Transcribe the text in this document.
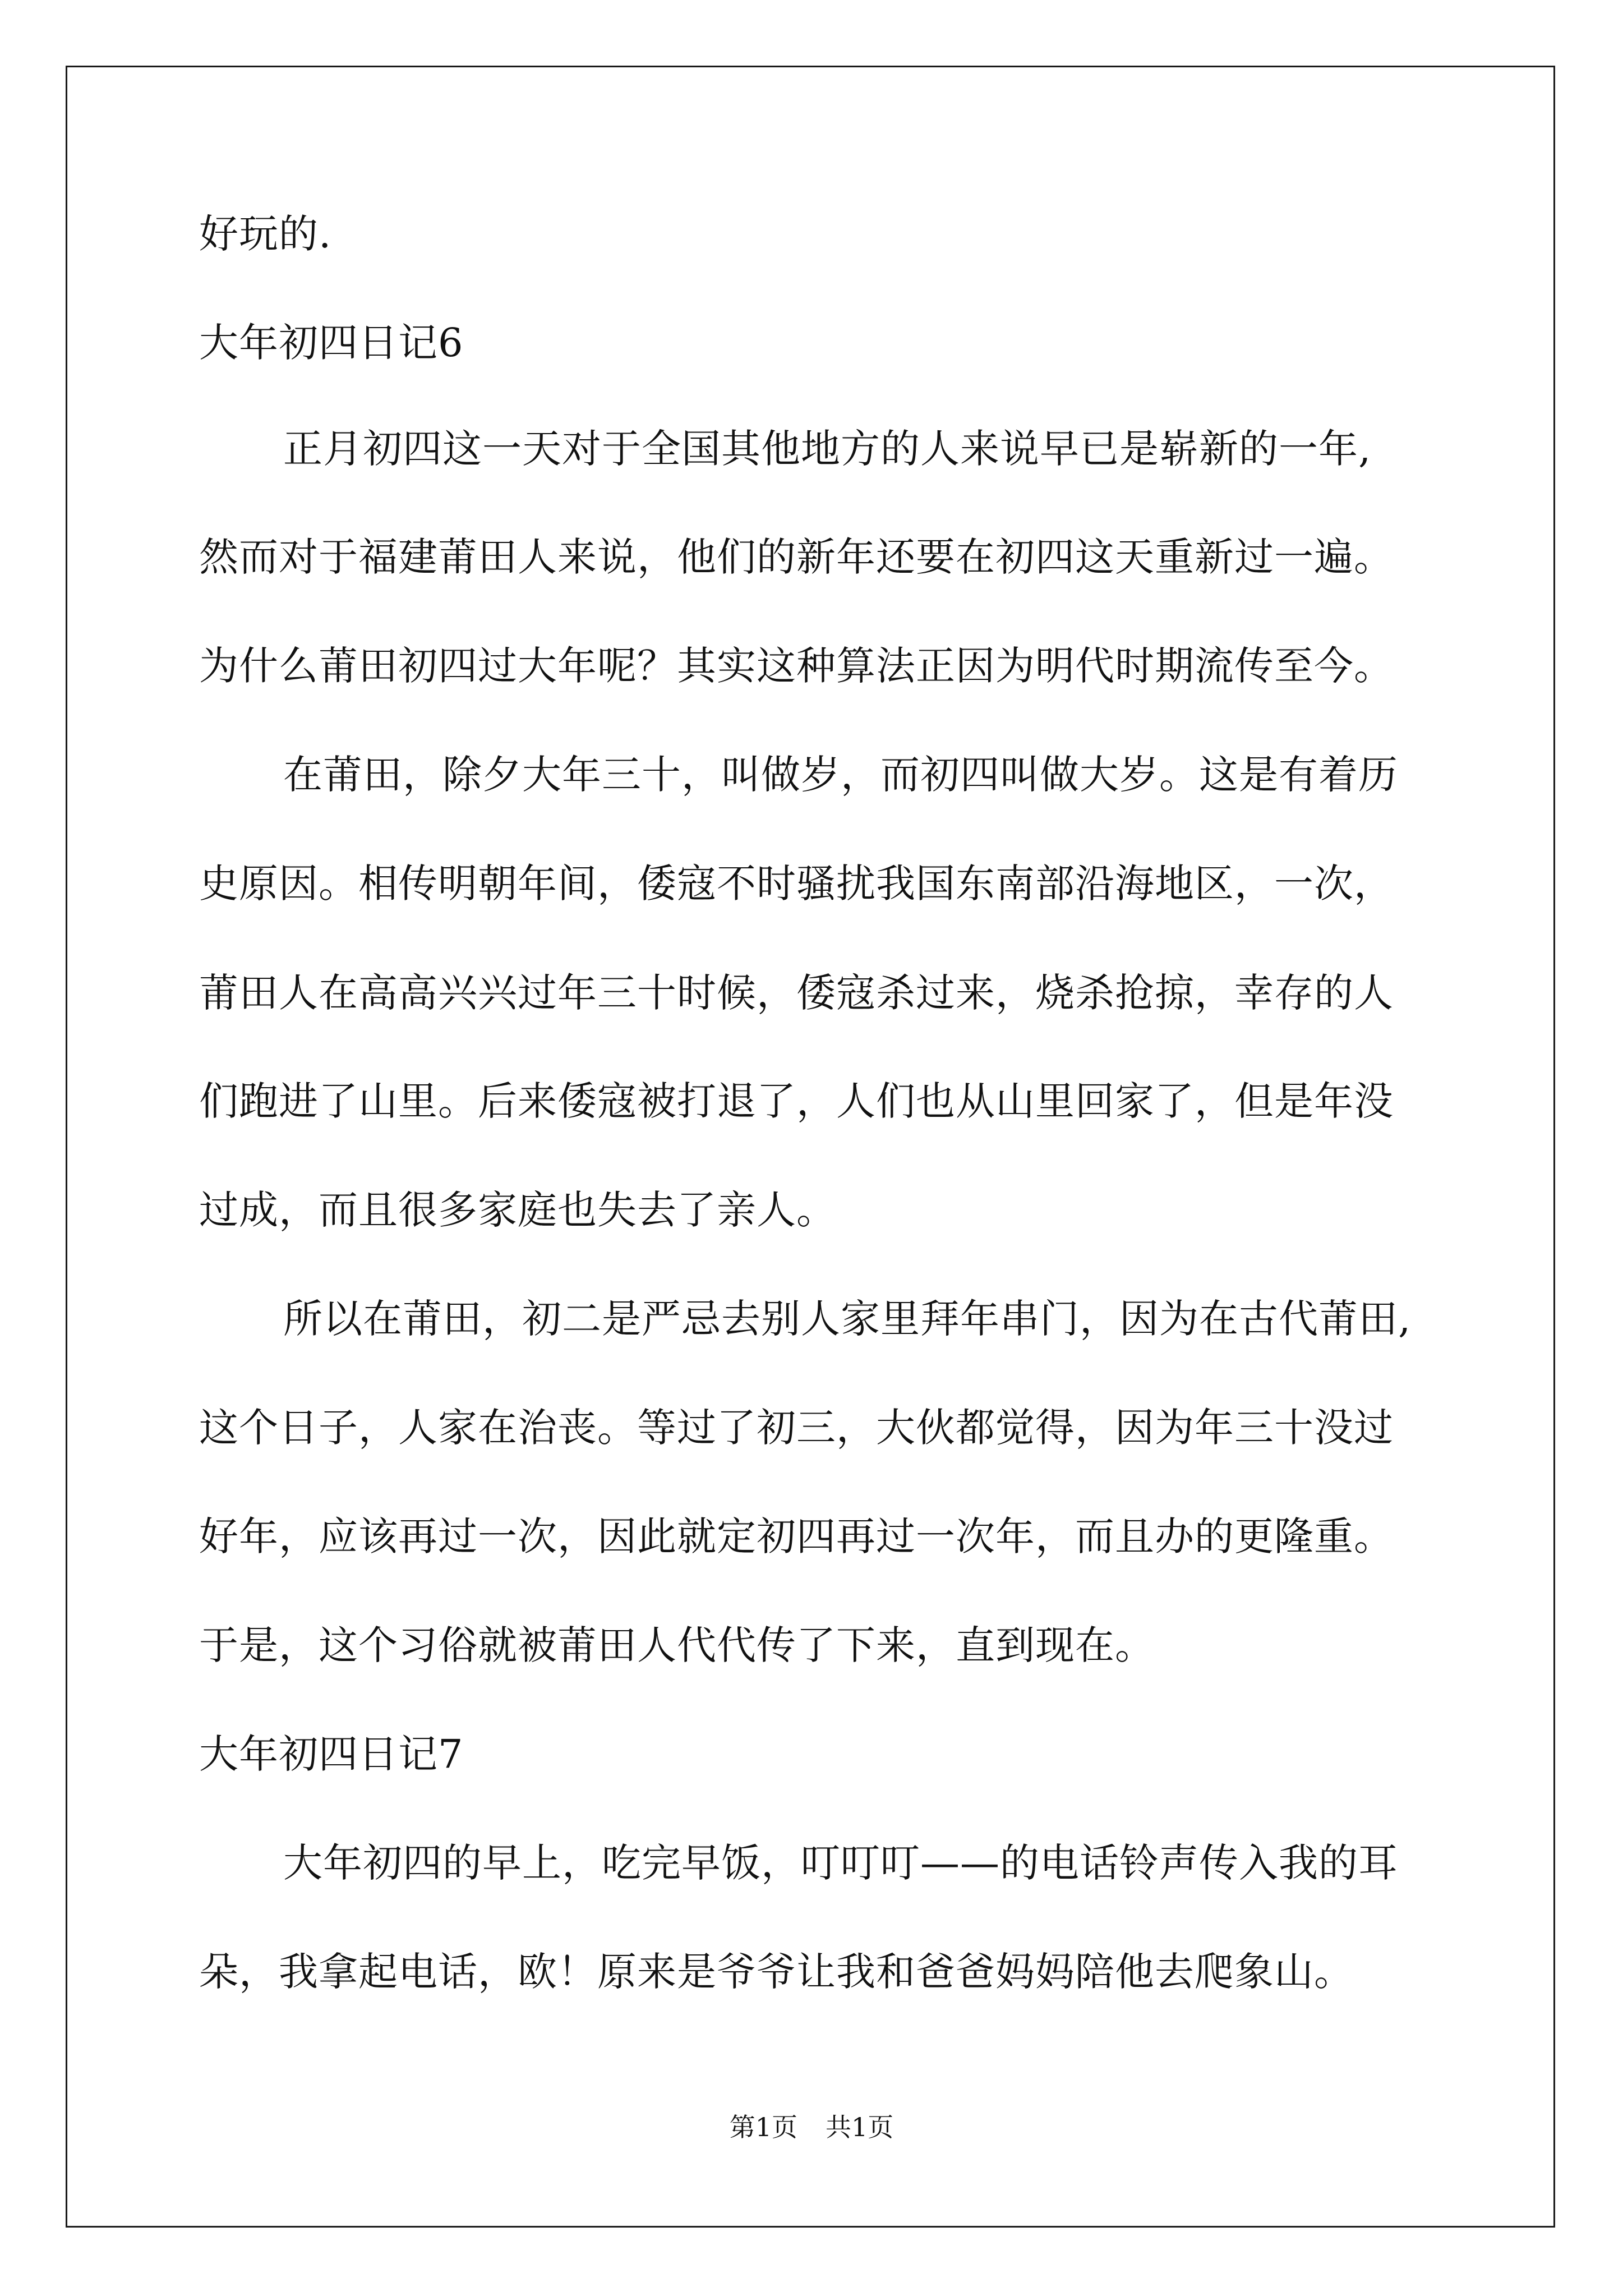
好玩的.
大年初四日记6
正月初四这一天对于全国其他地方的人来说早已是崭新的一年,
然而对于福建莆田人来说，他们的新年还要在初四这天重新过一遍。
为什么莆田初四过大年呢？其实这种算法正因为明代时期流传至今。
在莆田，除夕大年三十，叫做岁，而初四叫做大岁。这是有着历
史原因。相传明朝年间，倭寇不时骚扰我国东南部沿海地区，一次，
莆田人在高高兴兴过年三十时候，倭寇杀过来，烧杀抢掠，幸存的人
们跑进了山里。后来倭寇被打退了，人们也从山里回家了，但是年没
过成，而且很多家庭也失去了亲人。
所以在莆田，初二是严忌去别人家里拜年串门，因为在古代莆田,
这个日子，人家在治丧。等过了初三，大伙都觉得，因为年三十没过
好年，应该再过一次，因此就定初四再过一次年，而且办的更隆重。
于是，这个习俗就被莆田人代代传了下来，直到现在。
大年初四日记7
大年初四的早上，吃完早饭，叮叮叮——的电话铃声传入我的耳
朵，我拿起电话，欧！原来是爷爷让我和爸爸妈妈陪他去爬象山。
第1页 共1页
